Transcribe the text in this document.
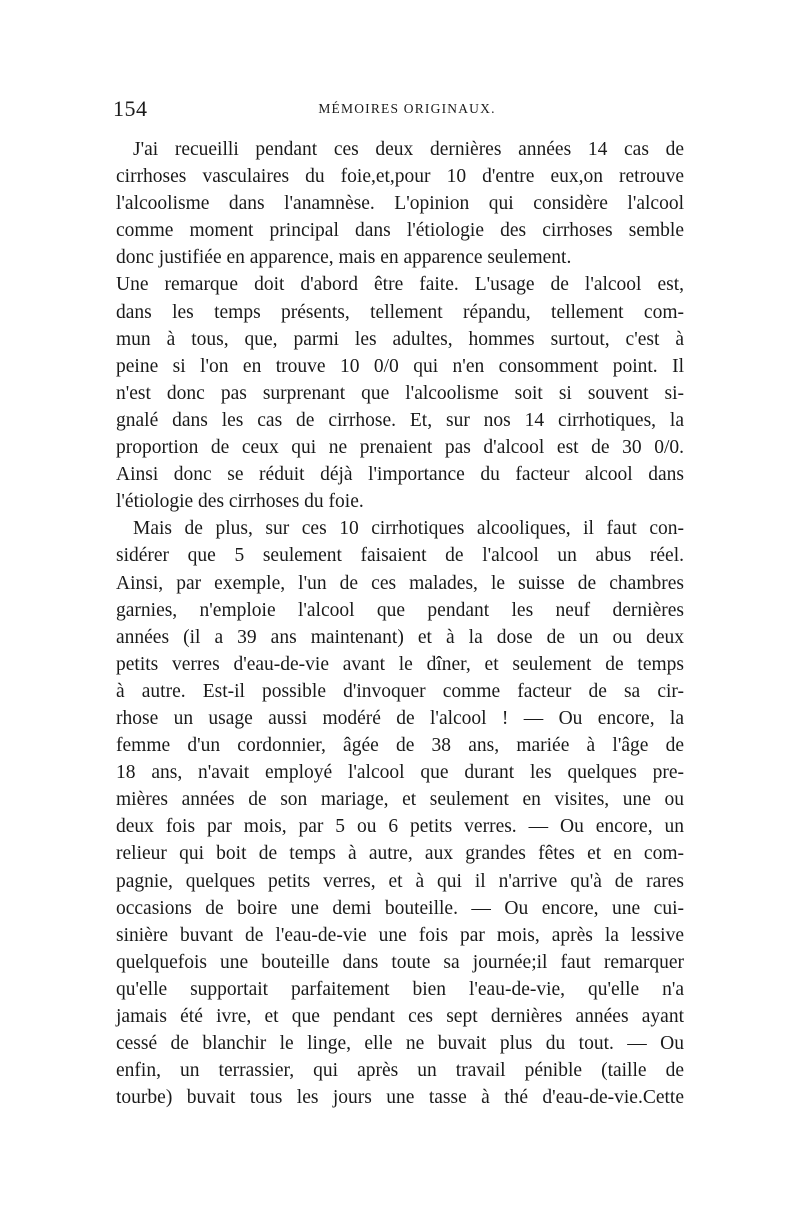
154	MÉMOIRES ORIGINAUX.
J'ai recueilli pendant ces deux dernières années 14 cas de
cirrhoses vasculaires du foie,et,pour 10 d'entre eux,on retrouve
l'alcoolisme dans l'anamnèse. L'opinion qui considère l'alcool
comme moment principal dans l'étiologie des cirrhoses semble
donc justifiée en apparence, mais en apparence seulement.
Une remarque doit d'abord être faite. L'usage de l'alcool est,
dans les temps présents, tellement répandu, tellement com-
mun à tous, que, parmi les adultes, hommes surtout, c'est à
peine si l'on en trouve 10 0/0 qui n'en consomment point. Il
n'est donc pas surprenant que l'alcoolisme soit si souvent si-
gnalé dans les cas de cirrhose. Et, sur nos 14 cirrhotiques, la
proportion de ceux qui ne prenaient pas d'alcool est de 30 0/0.
Ainsi donc se réduit déjà l'importance du facteur alcool dans
l'étiologie des cirrhoses du foie.
Mais de plus, sur ces 10 cirrhotiques alcooliques, il faut con-
sidérer que 5 seulement faisaient de l'alcool un abus réel.
Ainsi, par exemple, l'un de ces malades, le suisse de chambres
garnies, n'emploie l'alcool que pendant les neuf dernières
années (il a 39 ans maintenant) et à la dose de un ou deux
petits verres d'eau-de-vie avant le dîner, et seulement de temps
à autre. Est-il possible d'invoquer comme facteur de sa cir-
rhose un usage aussi modéré de l'alcool ! — Ou encore, la
femme d'un cordonnier, âgée de 38 ans, mariée à l'âge de
18 ans, n'avait employé l'alcool que durant les quelques pre-
mières années de son mariage, et seulement en visites, une ou
deux fois par mois, par 5 ou 6 petits verres. — Ou encore, un
relieur qui boit de temps à autre, aux grandes fêtes et en com-
pagnie, quelques petits verres, et à qui il n'arrive qu'à de rares
occasions de boire une demi bouteille. — Ou encore, une cui-
sinière buvant de l'eau-de-vie une fois par mois, après la lessive
quelquefois une bouteille dans toute sa journée;il faut remarquer
qu'elle supportait parfaitement bien l'eau-de-vie, qu'elle n'a
jamais été ivre, et que pendant ces sept dernières années ayant
cessé de blanchir le linge, elle ne buvait plus du tout. — Ou
enfin, un terrassier, qui après un travail pénible (taille de
tourbe) buvait tous les jours une tasse à thé d'eau-de-vie.Cette
